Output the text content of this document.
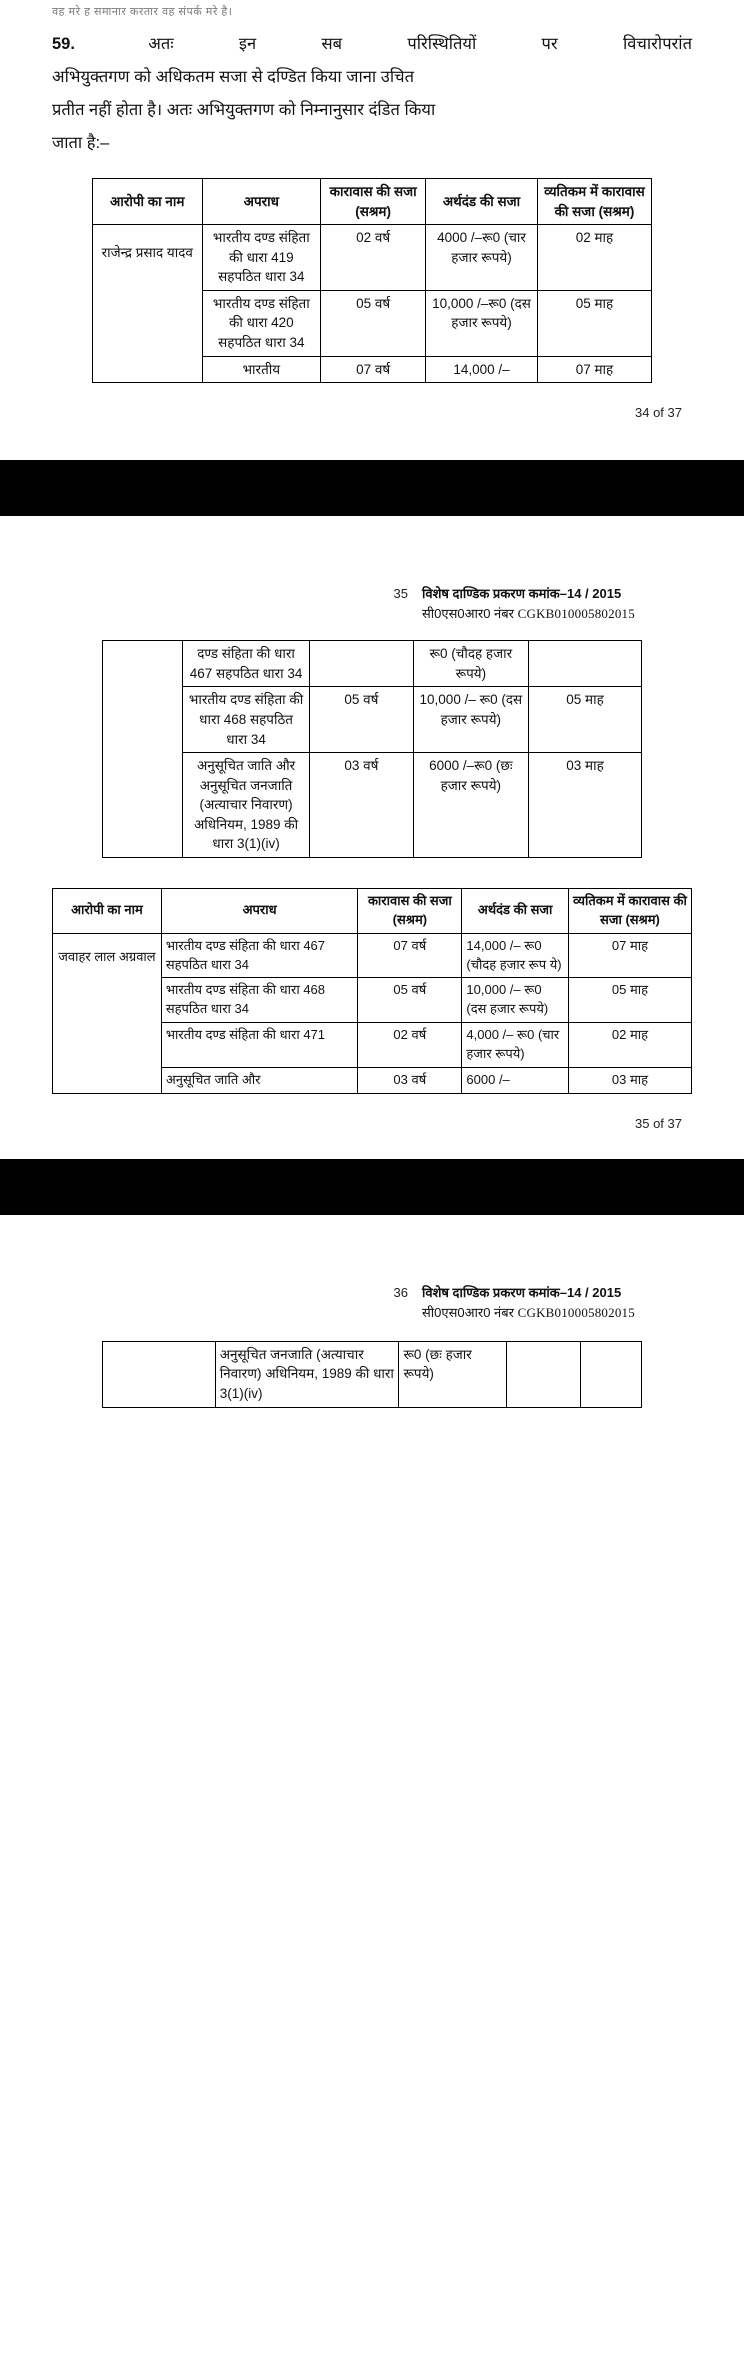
वह मरे ह समानार करतार वह संपर्क मरे है।
59.	अतः	इन	सब	परिस्थितियों	पर	विचारोपरांत
अभियुक्तगण को अधिकतम सजा से दण्डित किया जाना उचित
प्रतीत नहीं होता है। अतः अभियुक्तगण को निम्नानुसार दंडित किया
जाता है:–
आरोपी का नाम	अपराध	कारावास की सजा (सश्रम)	अर्थदंड की सजा	व्यतिकम में कारावास की सजा (सश्रम)
राजेन्द्र प्रसाद यादव	भारतीय दण्ड संहिता की धारा 419 सहपठित धारा 34	02 वर्ष	4000 /–रू0 (चार हजार रूपये)	02 माह
	भारतीय दण्ड संहिता की धारा 420 सहपठित धारा 34	05 वर्ष	10,000 /–रू0 (दस हजार रूपये)	05 माह
	भारतीय	07 वर्ष	14,000 /–	07 माह
34 of 37
35 विशेष दाण्डिक प्रकरण कमांक–14 / 2015
सी0एस0आर0 नंबर CGKB010005802015
	दण्ड संहिता की धारा 467 सहपठित धारा 34		रू0 (चौदह हजार रूपये)	
	भारतीय दण्ड संहिता की धारा 468 सहपठित धारा 34	05 वर्ष	10,000 /– रू0 (दस हजार रूपये)	05 माह
	अनुसूचित जाति और अनुसूचित जनजाति (अत्याचार निवारण) अधिनियम, 1989 की धारा 3(1)(iv)	03 वर्ष	6000 /–रू0 (छः हजार रूपये)	03 माह
आरोपी का नाम	अपराध	कारावास की सजा (सश्रम)	अर्थदंड की सजा	व्यतिकम में कारावास की सजा (सश्रम)
जवाहर लाल अग्रवाल	भारतीय दण्ड संहिता की धारा 467 सहपठित धारा 34	07 वर्ष	14,000 /– रू0 (चौदह हजार रूप ये)	07 माह
	भारतीय दण्ड संहिता की धारा 468 सहपठित धारा 34	05 वर्ष	10,000 /– रू0 (दस हजार रूपये)	05 माह
	भारतीय दण्ड संहिता की धारा 471	02 वर्ष	4,000 /– रू0 (चार हजार रूपये)	02 माह
	अनुसूचित जाति और	03 वर्ष	6000 /–	03 माह
35 of 37
36 विशेष दाण्डिक प्रकरण कमांक–14 / 2015
सी0एस0आर0 नंबर CGKB010005802015
	अनुसूचित जनजाति (अत्याचार निवारण) अधिनियम, 1989 की धारा 3(1)(iv)	रू0 (छः हजार रूपये)		
